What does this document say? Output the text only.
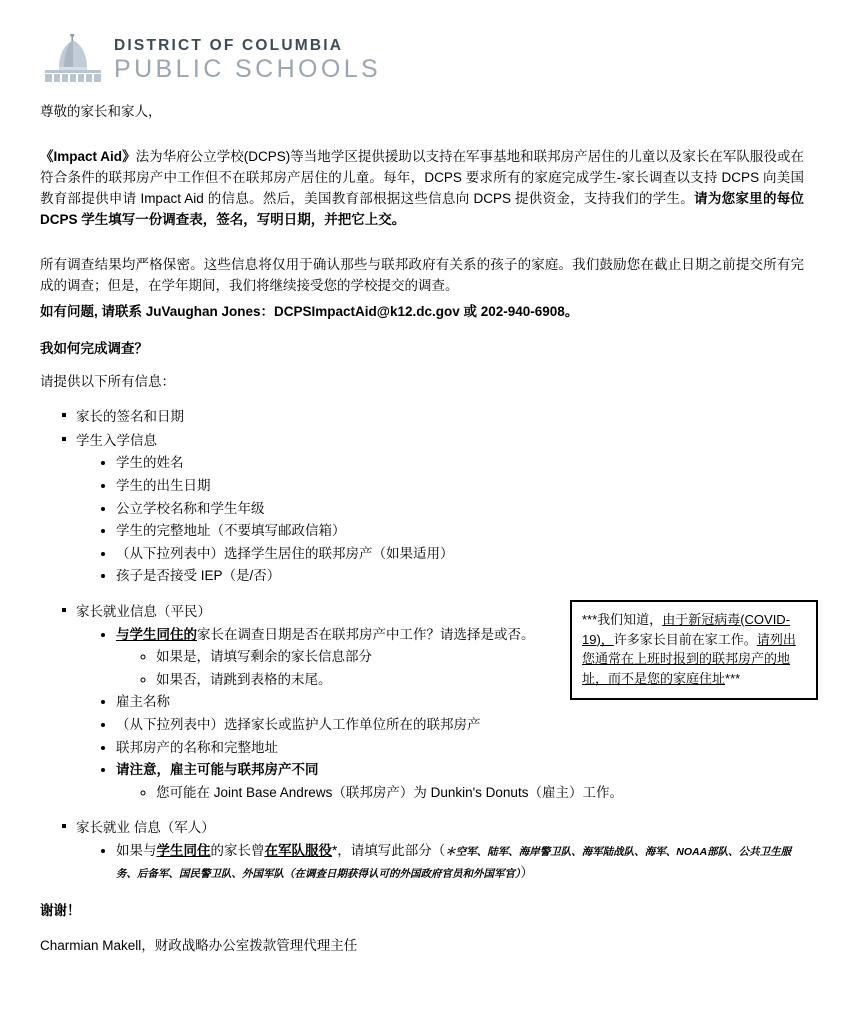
DISTRICT OF COLUMBIA
PUBLIC SCHOOLS

尊敬的家长和家人，

《Impact Aid》法为华府公立学校(DCPS)等当地学区提供援助以支持在军事基地和联邦房产居住的儿童以及家长在军队服役或在符合条件的联邦房产中工作但不在联邦房产居住的儿童。每年，DCPS 要求所有的家庭完成学生-家长调查以支持 DCPS 向美国教育部提供申请 Impact Aid 的信息。然后，美国教育部根据这些信息向 DCPS 提供资金，支持我们的学生。请为您家里的每位 DCPS 学生填写一份调查表，签名，写明日期，并把它上交。

所有调查结果均严格保密。这些信息将仅用于确认那些与联邦政府有关系的孩子的家庭。我们鼓励您在截止日期之前提交所有完成的调查；但是，在学年期间，我们将继续接受您的学校提交的调查。

如有问题, 请联系 JuVaughan Jones：DCPSImpactAid@k12.dc.gov 或 202-940-6908。

我如何完成调查？

请提供以下所有信息：

***我们知道，由于新冠病毒(COVID-19)，许多家长目前在家工作。请列出您通常在上班时报到的联邦房产的地址，而不是您的家庭住址***
家长的签名和日期
学生入学信息
• 学生的姓名
• 学生的出生日期
• 公立学校名称和学生年级
• 学生的完整地址（不要填写邮政信箱）
• （从下拉列表中）选择学生居住的联邦房产（如果适用）
• 孩子是否接受 IEP（是/否）
家长就业信息（平民）
• 与学生同住的家长在调查日期是否在联邦房产中工作？请选择是或否。
◦ 如果是，请填写剩余的家长信息部分
◦ 如果否，请跳到表格的末尾。
• 雇主名称
• （从下拉列表中）选择家长或监护人工作单位所在的联邦房产
• 联邦房产的名称和完整地址
• 请注意，雇主可能与联邦房产不同
◦ 您可能在 Joint Base Andrews（联邦房产）为 Dunkin's Donuts（雇主）工作。
家长就业 信息（军人）
• 如果与学生同住的家长曾在军队服役*，请填写此部分（＊空军、陆军、海岸警卫队、海军陆战队、海军、NOAA部队、公共卫生服务、后备军、国民警卫队、外国军队（在调查日期获得认可的外国政府官员和外国军官））

谢谢！

Charmian Makell，财政战略办公室拨款管理代理主任
